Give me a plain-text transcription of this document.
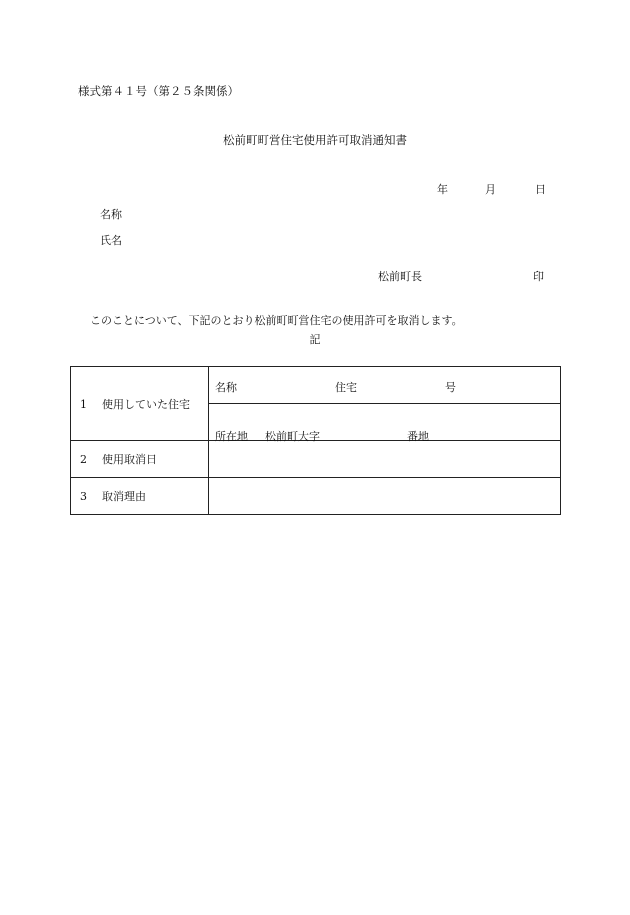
様式第４１号（第２５条関係）
松前町町営住宅使用許可取消通知書
年	月	日
名称
氏名
松前町長	印
このことについて、下記のとおり松前町町営住宅の使用許可を取消します。
記
1 使用していた住宅	名称 住宅 号

	所在地 松前町大字 番地

2 使用取消日	
3 取消理由	
